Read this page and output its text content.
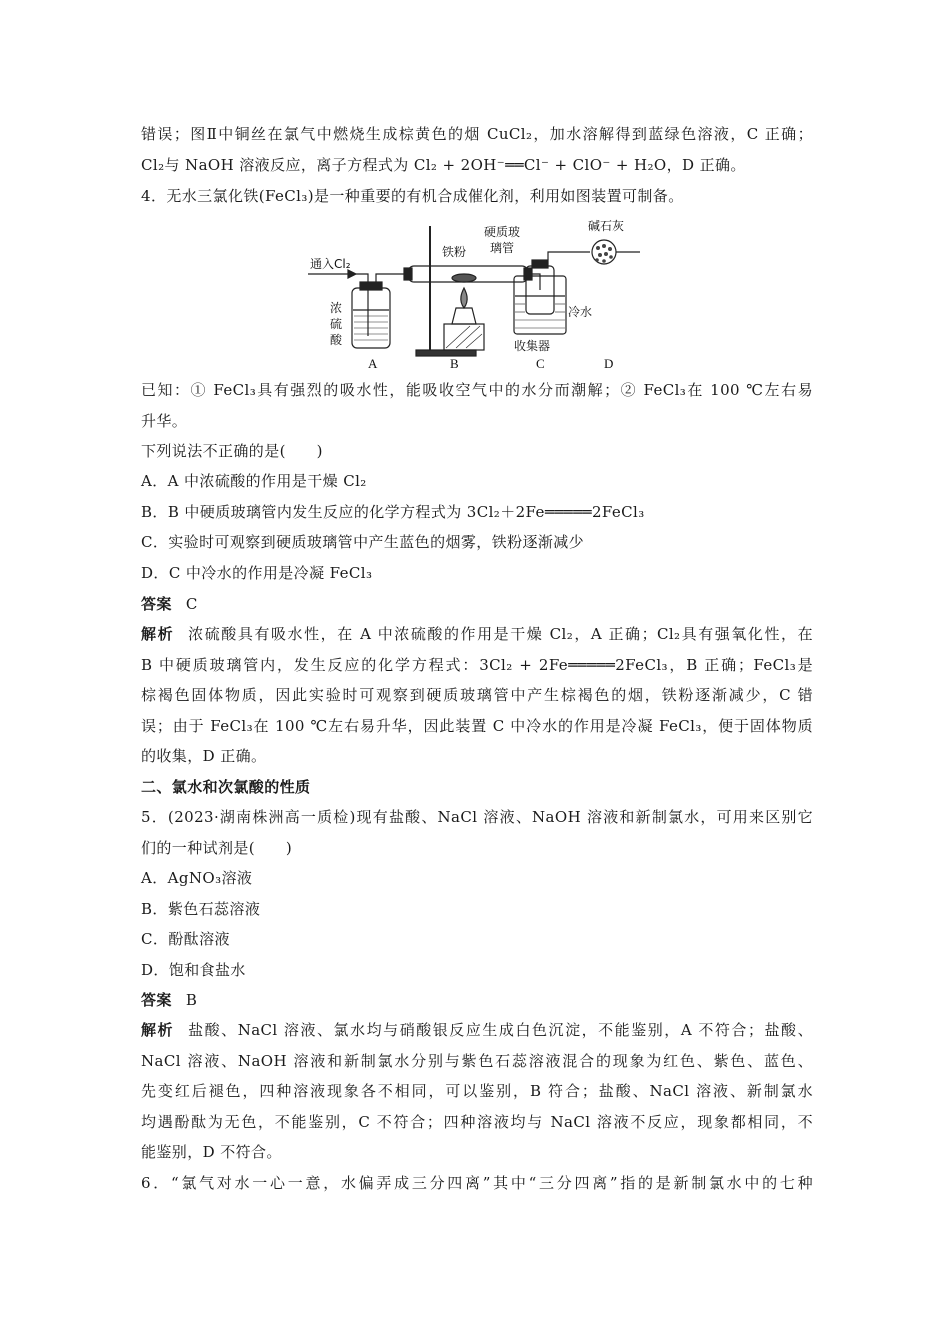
错误；图Ⅱ中铜丝在氯气中燃烧生成棕黄色的烟 CuCl₂，加水溶解得到蓝绿色溶液，C 正确；
Cl₂与 NaOH 溶液反应，离子方程式为 Cl₂ + 2OH⁻══Cl⁻ + ClO⁻ + H₂O，D 正确。
4．无水三氯化铁(FeCl₃)是一种重要的有机合成催化剂，利用如图装置可制备。
通入Cl₂
浓
硫
酸
铁粉
硬质玻
璃管
碱石灰
冷水
收集器
A	B	C	D
已知：① FeCl₃具有强烈的吸水性，能吸收空气中的水分而潮解；② FeCl₃在 100 ℃左右易
升华。
下列说法不正确的是(　　)
A．A 中浓硫酸的作用是干燥 Cl₂
B．B 中硬质玻璃管内发生反应的化学方程式为 3Cl₂＋2Fe═════2FeCl₃
C．实验时可观察到硬质玻璃管中产生蓝色的烟雾，铁粉逐渐减少
D．C 中冷水的作用是冷凝 FeCl₃
答案 C
解析 浓硫酸具有吸水性，在 A 中浓硫酸的作用是干燥 Cl₂，A 正确；Cl₂具有强氧化性，在
B 中硬质玻璃管内，发生反应的化学方程式：3Cl₂ + 2Fe═════2FeCl₃，B 正确；FeCl₃是
棕褐色固体物质，因此实验时可观察到硬质玻璃管中产生棕褐色的烟，铁粉逐渐减少，C 错
误；由于 FeCl₃在 100 ℃左右易升华，因此装置 C 中冷水的作用是冷凝 FeCl₃，便于固体物质
的收集，D 正确。
二、氯水和次氯酸的性质
5．(2023·湖南株洲高一质检)现有盐酸、NaCl 溶液、NaOH 溶液和新制氯水，可用来区别它
们的一种试剂是(　　)
A．AgNO₃溶液
B．紫色石蕊溶液
C．酚酞溶液
D．饱和食盐水
答案 B
解析 盐酸、NaCl 溶液、氯水均与硝酸银反应生成白色沉淀，不能鉴别，A 不符合；盐酸、
NaCl 溶液、NaOH 溶液和新制氯水分别与紫色石蕊溶液混合的现象为红色、紫色、蓝色、
先变红后褪色，四种溶液现象各不相同，可以鉴别，B 符合；盐酸、NaCl 溶液、新制氯水
均遇酚酞为无色，不能鉴别，C 不符合；四种溶液均与 NaCl 溶液不反应，现象都相同，不
能鉴别，D 不符合。
6．“氯气对水一心一意，水偏弄成三分四离”其中“三分四离”指的是新制氯水中的七种
